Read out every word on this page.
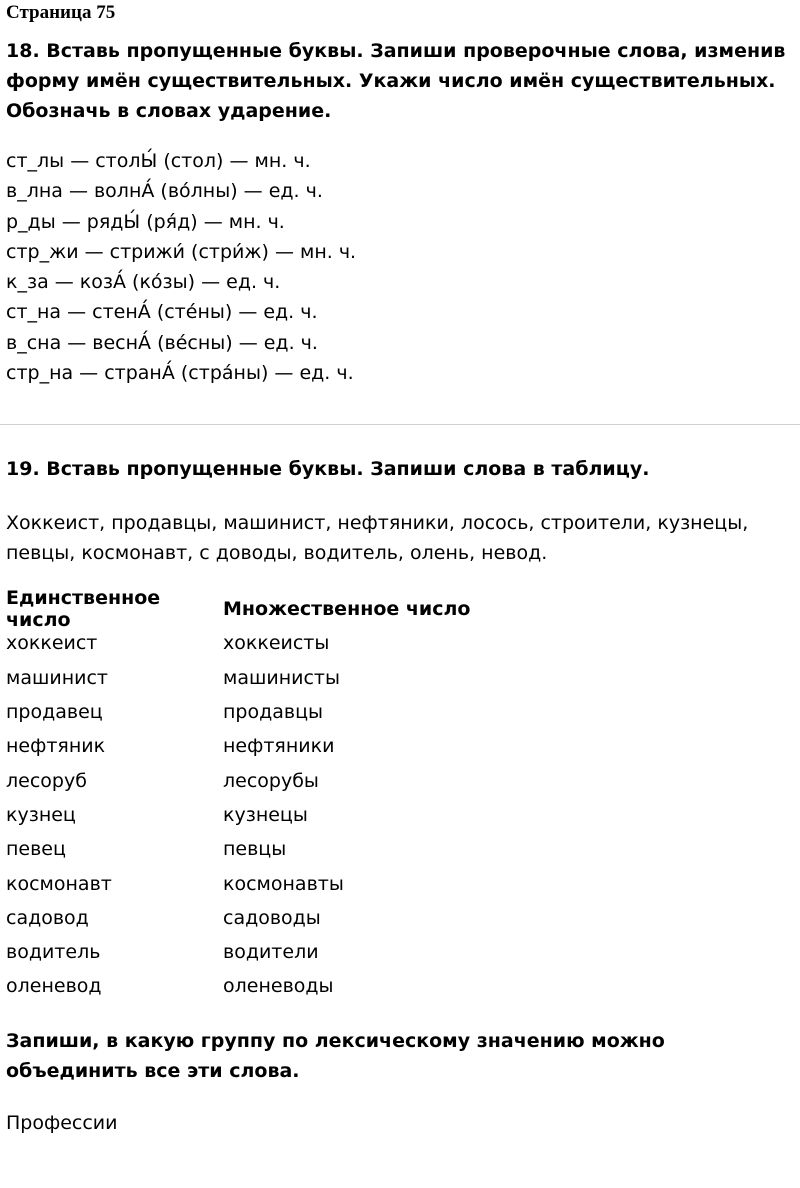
Страница 75
18. Вставь пропущенные буквы. Запиши проверочные слова, изменив форму имён существительных. Укажи число имён существительных. Обозначь в словах ударение.
ст_лы — столЫ́ (стол) — мн. ч.
в_лна — волнА́ (во́лны) — ед. ч.
р_ды — рядЫ́ (ря́д) — мн. ч.
стр_жи — стрижи́ (стри́ж) — мн. ч.
к_за — козА́ (ко́зы) — ед. ч.
ст_на — стенА́ (сте́ны) — ед. ч.
в_сна — веснА́ (ве́сны) — ед. ч.
стр_на — странА́ (стра́ны) — ед. ч.
19. Вставь пропущенные буквы. Запиши слова в таблицу.
Хоккеист, продавцы, машинист, нефтяники, лосось, строители, кузнецы, певцы, космонавт, с доводы, водитель, олень, невод.
Единственное число
Множественное число
хоккеист	хоккеисты
машинист	машинисты
продавец	продавцы
нефтяник	нефтяники
лесоруб	лесорубы
кузнец	кузнецы
певец	певцы
космонавт	космонавты
садовод	садоводы
водитель	водители
оленевод	оленеводы
Запиши, в какую группу по лексическому значению можно объединить все эти слова.
Профессии
